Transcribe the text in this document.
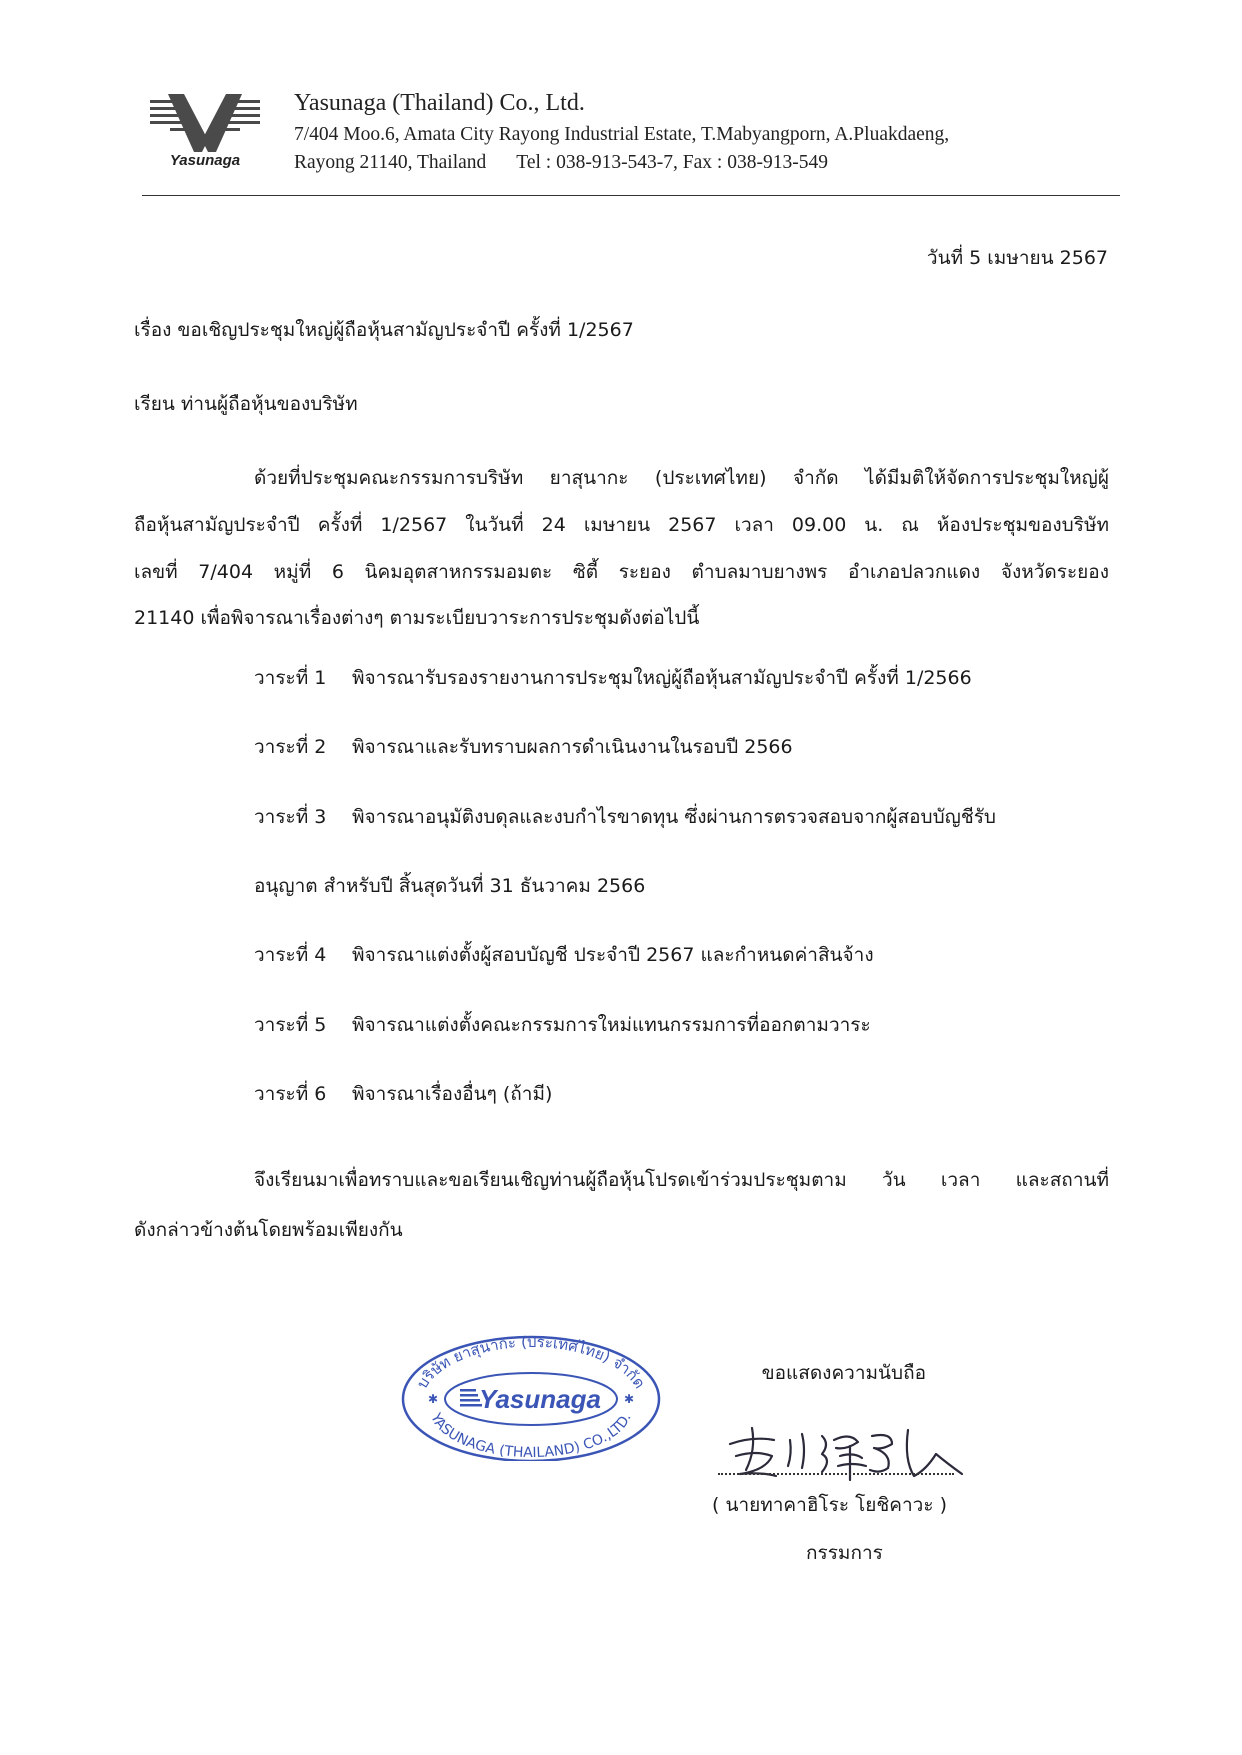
Yasunaga
Yasunaga (Thailand) Co., Ltd.
7/404 Moo.6, Amata City Rayong Industrial Estate, T.Mabyangporn, A.Pluakdaeng,
Rayong 21140, Thailand Tel : 038-913-543-7, Fax : 038-913-549
วันที่ 5 เมษายน 2567
เรื่อง ขอเชิญประชุมใหญ่ผู้ถือหุ้นสามัญประจำปี ครั้งที่ 1/2567
เรียน ท่านผู้ถือหุ้นของบริษัท
ด้วยที่ประชุมคณะกรรมการบริษัท ยาสุนากะ (ประเทศไทย) จำกัด ได้มีมติให้จัดการประชุมใหญ่ผู้
ถือหุ้นสามัญประจำปี ครั้งที่ 1/2567 ในวันที่ 24 เมษายน 2567 เวลา 09.00 น. ณ ห้องประชุมของบริษัท
เลขที่ 7/404 หมู่ที่ 6 นิคมอุตสาหกรรมอมตะ ซิตี้ ระยอง ตำบลมาบยางพร อำเภอปลวกแดง จังหวัดระยอง
21140 เพื่อพิจารณาเรื่องต่างๆ ตามระเบียบวาระการประชุมดังต่อไปนี้
วาระที่ 1 พิจารณารับรองรายงานการประชุมใหญ่ผู้ถือหุ้นสามัญประจำปี ครั้งที่ 1/2566
วาระที่ 2 พิจารณาและรับทราบผลการดำเนินงานในรอบปี 2566
วาระที่ 3 พิจารณาอนุมัติงบดุลและงบกำไรขาดทุน ซึ่งผ่านการตรวจสอบจากผู้สอบบัญชีรับ
อนุญาต สำหรับปี สิ้นสุดวันที่ 31 ธันวาคม 2566
วาระที่ 4 พิจารณาแต่งตั้งผู้สอบบัญชี ประจำปี 2567 และกำหนดค่าสินจ้าง
วาระที่ 5 พิจารณาแต่งตั้งคณะกรรมการใหม่แทนกรรมการที่ออกตามวาระ
วาระที่ 6 พิจารณาเรื่องอื่นๆ (ถ้ามี)
จึงเรียนมาเพื่อทราบและขอเรียนเชิญท่านผู้ถือหุ้นโปรดเข้าร่วมประชุมตาม วัน เวลา และสถานที่
ดังกล่าวข้างต้นโดยพร้อมเพียงกัน
ขอแสดงความนับถือ
บริษัท ยาสุนากะ (ประเทศไทย) จำกัด
YASUNAGA (THAILAND) CO.,LTD.
Yasunaga
✱	✱
( นายทาคาฮิโระ โยชิคาวะ )
กรรมการ
